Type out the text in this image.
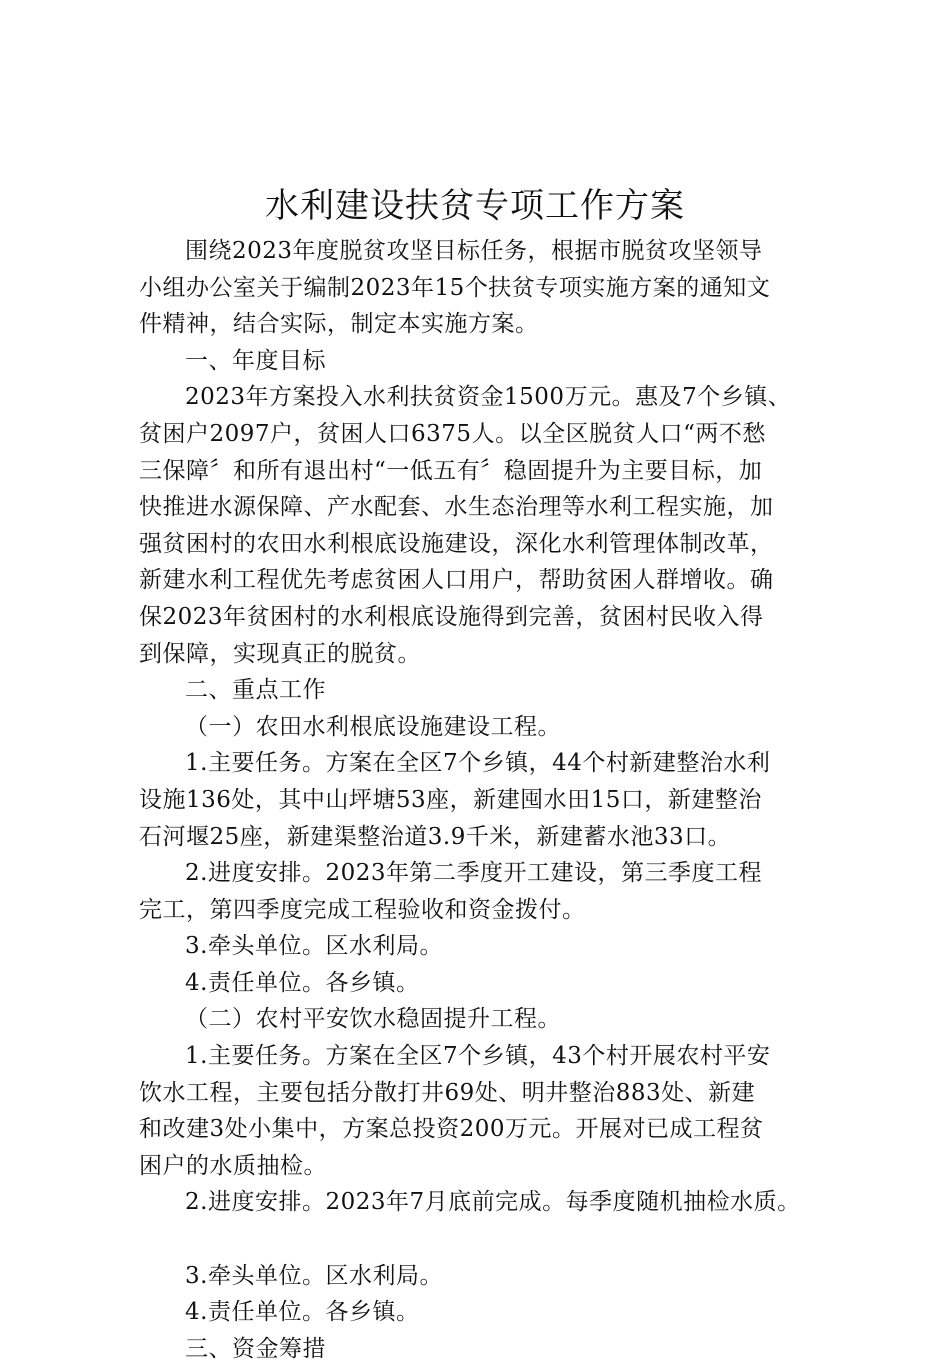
水利建设扶贫专项工作方案
围绕2023年度脱贫攻坚目标任务，根据市脱贫攻坚领导
小组办公室关于编制2023年15个扶贫专项实施方案的通知文
件精神，结合实际，制定本实施方案。
一、年度目标
2023年方案投入水利扶贫资金1500万元。惠及7个乡镇、
贫困户2097户，贫困人口6375人。以全区脱贫人口“两不愁
三保障〞和所有退出村“一低五有〞稳固提升为主要目标，加
快推进水源保障、产水配套、水生态治理等水利工程实施，加
强贫困村的农田水利根底设施建设，深化水利管理体制改革，
新建水利工程优先考虑贫困人口用户，帮助贫困人群增收。确
保2023年贫困村的水利根底设施得到完善，贫困村民收入得
到保障，实现真正的脱贫。
二、重点工作
（一）农田水利根底设施建设工程。
1.主要任务。方案在全区7个乡镇，44个村新建整治水利
设施136处，其中山坪塘53座，新建囤水田15口，新建整治
石河堰25座，新建渠整治道3.9千米，新建蓄水池33口。
2.进度安排。2023年第二季度开工建设，第三季度工程
完工，第四季度完成工程验收和资金拨付。
3.牵头单位。区水利局。
4.责任单位。各乡镇。
（二）农村平安饮水稳固提升工程。
1.主要任务。方案在全区7个乡镇，43个村开展农村平安
饮水工程，主要包括分散打井69处、明井整治883处、新建
和改建3处小集中，方案总投资200万元。开展对已成工程贫
困户的水质抽检。
2.进度安排。2023年7月底前完成。每季度随机抽检水质。
3.牵头单位。区水利局。
4.责任单位。各乡镇。
三、资金筹措
